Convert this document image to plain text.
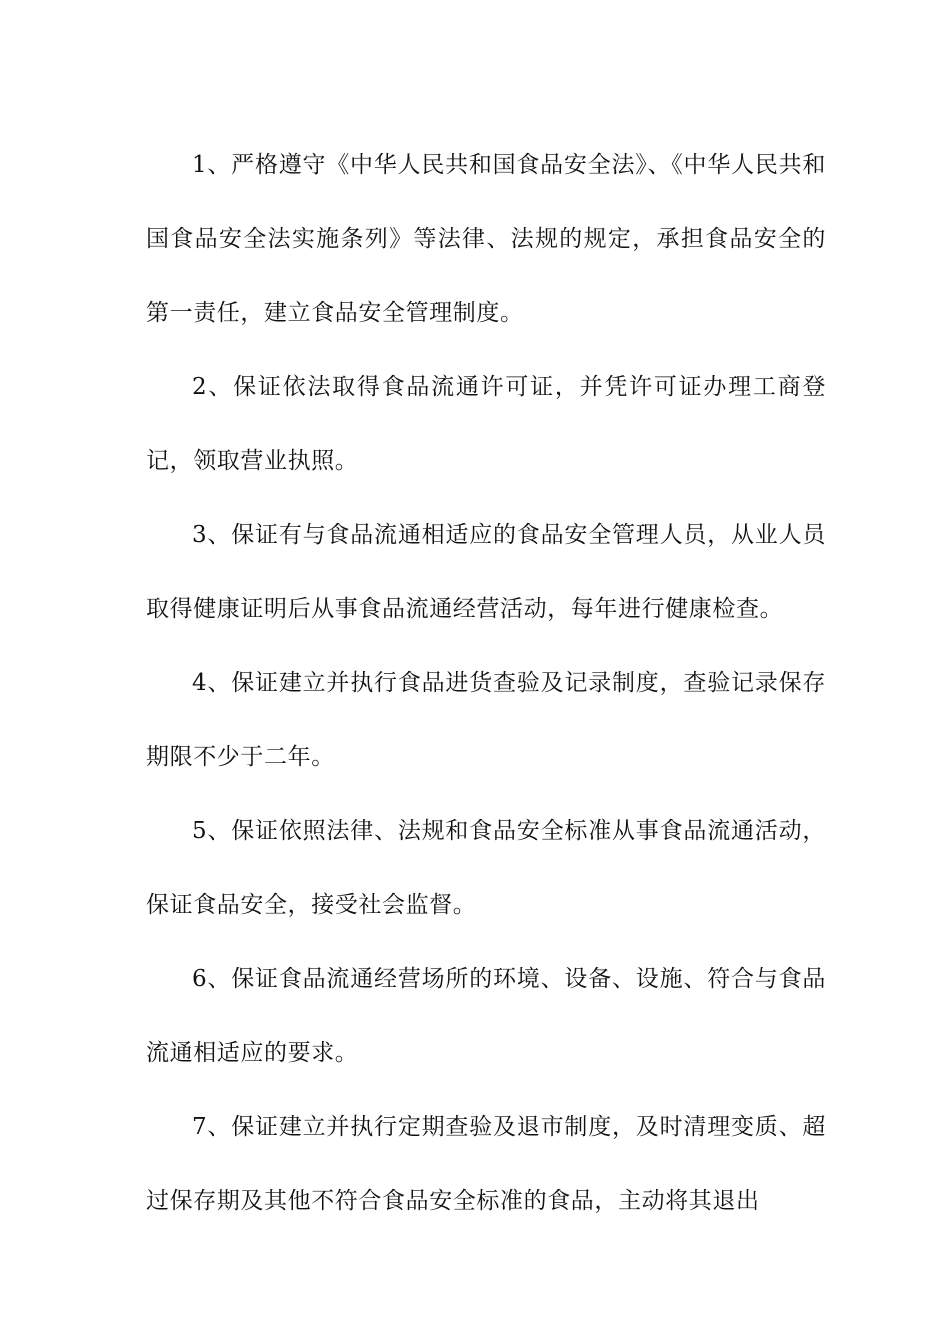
1、严格遵守《中华人民共和国食品安全法》、《中华人民共和国食品安全法实施条列》等法律、法规的规定，承担食品安全的第一责任，建立食品安全管理制度。

2、保证依法取得食品流通许可证，并凭许可证办理工商登记，领取营业执照。

3、保证有与食品流通相适应的食品安全管理人员，从业人员取得健康证明后从事食品流通经营活动，每年进行健康检查。

4、保证建立并执行食品进货查验及记录制度，查验记录保存期限不少于二年。

5、保证依照法律、法规和食品安全标准从事食品流通活动，保证食品安全，接受社会监督。

6、保证食品流通经营场所的环境、设备、设施、符合与食品流通相适应的要求。

7、保证建立并执行定期查验及退市制度，及时清理变质、超过保存期及其他不符合食品安全标准的食品，主动将其退出
